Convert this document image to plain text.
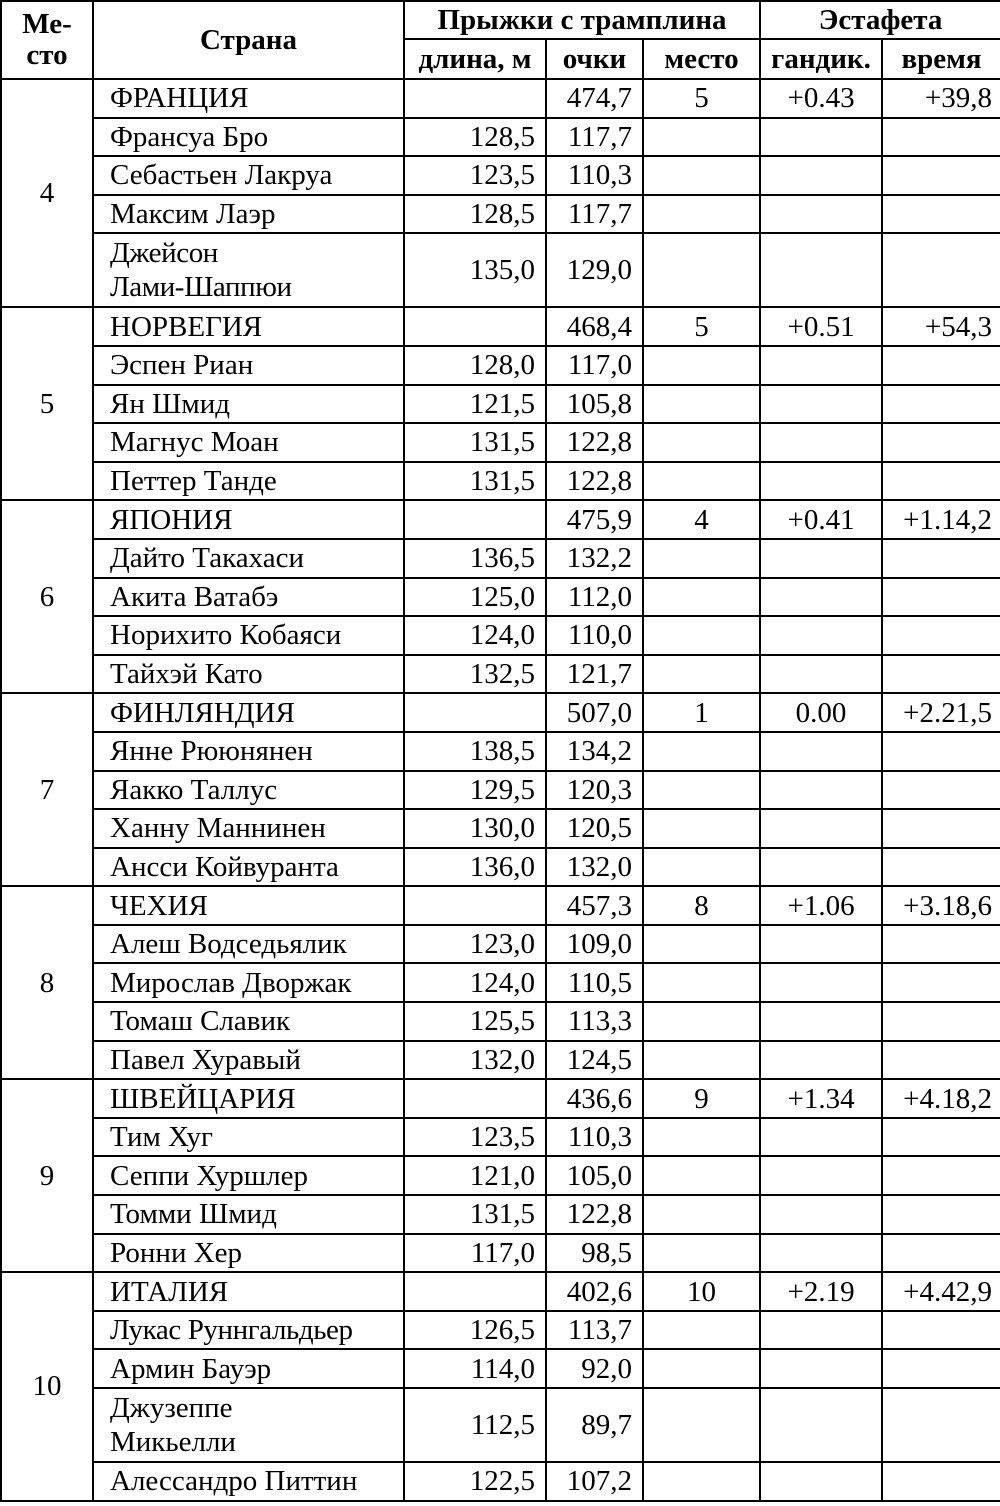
Ме-
сто	Страна	Прыжки с трамплина			Эстафета	
		длина, м	очки	место	гандик.	время
4	ФРАНЦИЯ		474,7	5	+0.43	+39,8
	Франсуа Бро	128,5	117,7			
	Себастьен Лакруа	123,5	110,3			
	Максим Лаэр	128,5	117,7			
	Джейсон
Лами-Шаппюи	135,0	129,0			
5	НОРВЕГИЯ		468,4	5	+0.51	+54,3
	Эспен Риан	128,0	117,0			
	Ян Шмид	121,5	105,8			
	Магнус Моан	131,5	122,8			
	Петтер Танде	131,5	122,8			
6	ЯПОНИЯ		475,9	4	+0.41	+1.14,2
	Дайто Такахаси	136,5	132,2			
	Акита Ватабэ	125,0	112,0			
	Норихито Кобаяси	124,0	110,0			
	Тайхэй Като	132,5	121,7			
7	ФИНЛЯНДИЯ		507,0	1	0.00	+2.21,5
	Янне Рююнянен	138,5	134,2			
	Яакко Таллус	129,5	120,3			
	Ханну Маннинен	130,0	120,5			
	Ансси Койвуранта	136,0	132,0			
8	ЧЕХИЯ		457,3	8	+1.06	+3.18,6
	Алеш Водседьялик	123,0	109,0			
	Мирослав Дворжак	124,0	110,5			
	Томаш Славик	125,5	113,3			
	Павел Хуравый	132,0	124,5			
9	ШВЕЙЦАРИЯ		436,6	9	+1.34	+4.18,2
	Тим Хуг	123,5	110,3			
	Сеппи Хуршлер	121,0	105,0			
	Томми Шмид	131,5	122,8			
	Ронни Хер	117,0	98,5			
10	ИТАЛИЯ		402,6	10	+2.19	+4.42,9
	Лукас Руннгальдьер	126,5	113,7			
	Армин Бауэр	114,0	92,0			
	Джузеппе
Микьелли	112,5	89,7			
	Алессандро Питтин	122,5	107,2			
